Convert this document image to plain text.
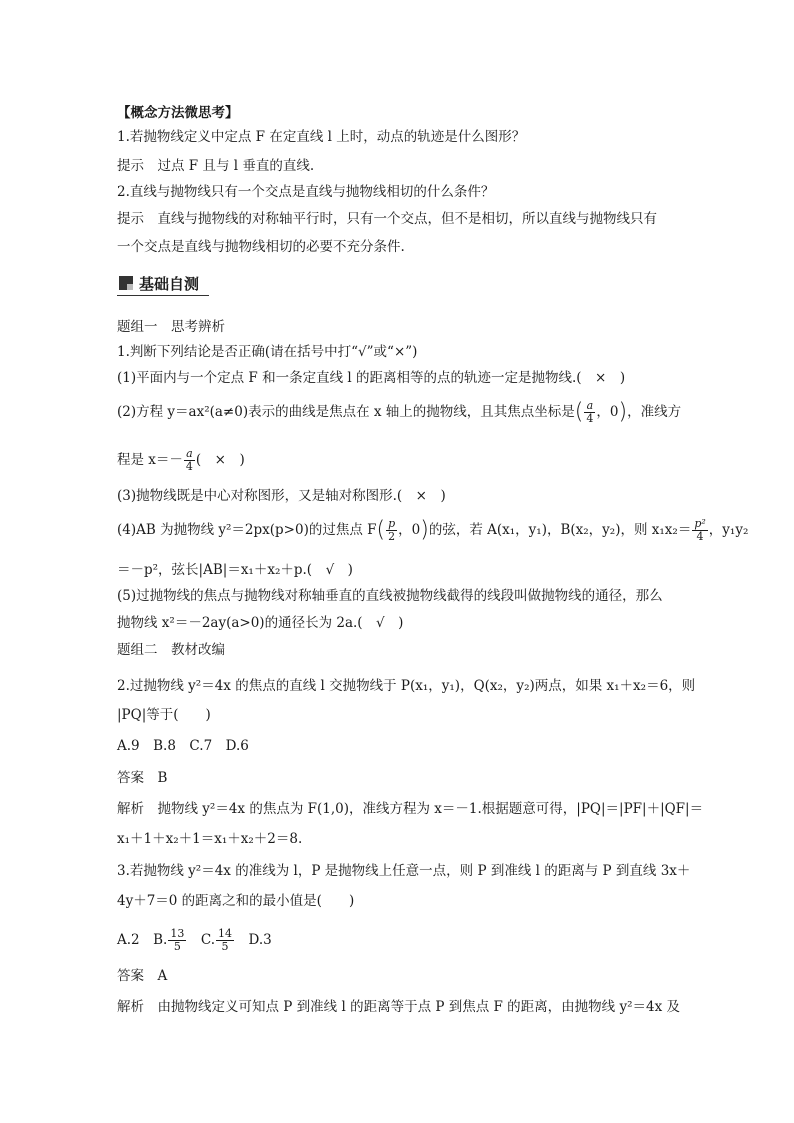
【概念方法微思考】
1.若抛物线定义中定点 F 在定直线 l 上时，动点的轨迹是什么图形？
提示　过点 F 且与 l 垂直的直线.
2.直线与抛物线只有一个交点是直线与抛物线相切的什么条件？
提示　直线与抛物线的对称轴平行时，只有一个交点，但不是相切，所以直线与抛物线只有
一个交点是直线与抛物线相切的必要不充分条件.
基础自测
题组一　思考辨析
1.判断下列结论是否正确(请在括号中打“√”或“×”)
(1)平面内与一个定点 F 和一条定直线 l 的距离相等的点的轨迹一定是抛物线.(　×　)
(2)方程 y＝ax²(a≠0)表示的曲线是焦点在 x 轴上的抛物线，且其焦点坐标是( $\frac{a}{4}$ ，0)，准线方
程是 $x=- \frac{a}{4}$ (　×　)
(3)抛物线既是中心对称图形，又是轴对称图形.(　×　)
(4)AB 为抛物线 y²＝2px(p>0)的过焦点 $F( \frac{p}{2}$ ，0)的弦，若 A(x₁，y₁)，B(x₂，y₂)，则 $x_1x_2= \frac{\text{p²}}{4}$ ，y₁y₂
＝－p²，弦长|AB|＝x₁＋x₂＋p.(　√　)
(5)过抛物线的焦点与抛物线对称轴垂直的直线被抛物线截得的线段叫做抛物线的通径，那么
抛物线 x²＝－2ay(a>0)的通径长为 2a.(　√　)
题组二　教材改编
2.过抛物线 y²＝4x 的焦点的直线 l 交抛物线于 P(x₁，y₁)，Q(x₂，y₂)两点，如果 x₁＋x₂＝6，则
|PQ|等于(　　)
A.9　B.8　C.7　D.6
答案　B
解析　抛物线 y²＝4x 的焦点为 F(1,0)，准线方程为 x＝－1.根据题意可得，|PQ|＝|PF|＋|QF|＝
x₁＋1＋x₂＋1＝x₁＋x₂＋2＝8.
3.若抛物线 y²＝4x 的准线为 l，P 是抛物线上任意一点，则 P 到准线 l 的距离与 P 到直线 3x＋
4y＋7＝0 的距离之和的最小值是(　　)
A.2　B. $\frac{13}{5}$ 　C. $\frac{14}{5}$ 　D.3
答案　A
解析　由抛物线定义可知点 P 到准线 l 的距离等于点 P 到焦点 F 的距离，由抛物线 y²＝4x 及
